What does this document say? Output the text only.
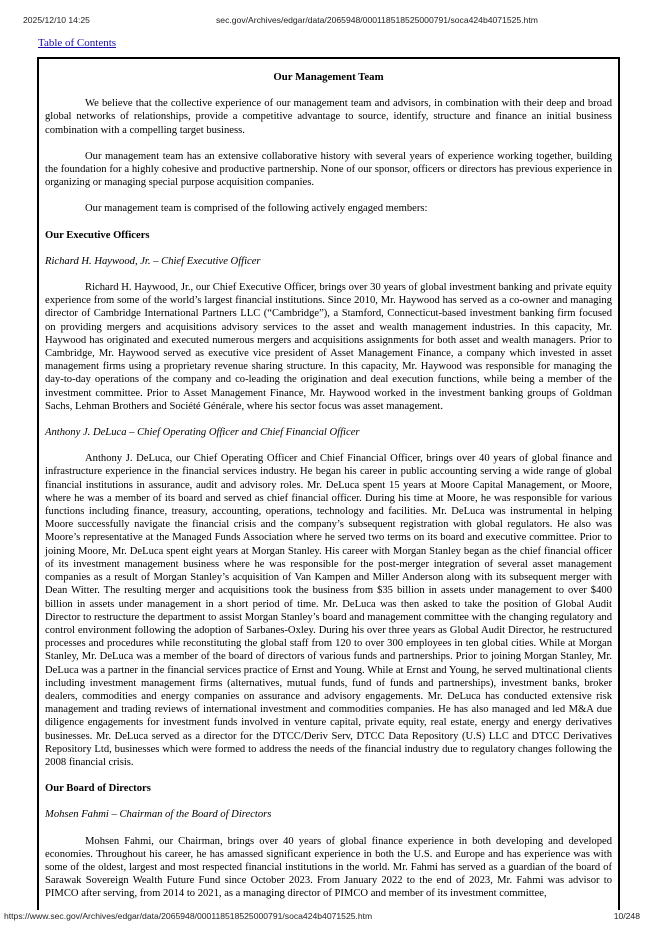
2025/12/10 14:25	sec.gov/Archives/edgar/data/2065948/000118518525000791/soca424b4071525.htm
Table of Contents
Our Management Team

We believe that the collective experience of our management team and advisors, in combination with their deep and broad global networks of relationships, provide a competitive advantage to source, identify, structure and finance an initial business combination with a compelling target business.

Our management team has an extensive collaborative history with several years of experience working together, building the foundation for a highly cohesive and productive partnership. None of our sponsor, officers or directors has previous experience in organizing or managing special purpose acquisition companies.

Our management team is comprised of the following actively engaged members:

Our Executive Officers

Richard H. Haywood, Jr. – Chief Executive Officer

Richard H. Haywood, Jr., our Chief Executive Officer, brings over 30 years of global investment banking and private equity experience from some of the world’s largest financial institutions. Since 2010, Mr. Haywood has served as a co-owner and managing director of Cambridge International Partners LLC (“Cambridge”), a Stamford, Connecticut-based investment banking firm focused on providing mergers and acquisitions advisory services to the asset and wealth management industries. In this capacity, Mr. Haywood has originated and executed numerous mergers and acquisitions assignments for both asset and wealth managers. Prior to Cambridge, Mr. Haywood served as executive vice president of Asset Management Finance, a company which invested in asset management firms using a proprietary revenue sharing structure. In this capacity, Mr. Haywood was responsible for managing the day-to-day operations of the company and co-leading the origination and deal execution functions, while being a member of the investment committee. Prior to Asset Management Finance, Mr. Haywood worked in the investment banking groups of Goldman Sachs, Lehman Brothers and Société Générale, where his sector focus was asset management.

Anthony J. DeLuca – Chief Operating Officer and Chief Financial Officer

Anthony J. DeLuca, our Chief Operating Officer and Chief Financial Officer, brings over 40 years of global finance and infrastructure experience in the financial services industry. He began his career in public accounting serving a wide range of global financial institutions in assurance, audit and advisory roles. Mr. DeLuca spent 15 years at Moore Capital Management, or Moore, where he was a member of its board and served as chief financial officer. During his time at Moore, he was responsible for various functions including finance, treasury, accounting, operations, technology and facilities. Mr. DeLuca was instrumental in helping Moore successfully navigate the financial crisis and the company’s subsequent registration with global regulators. He also was Moore’s representative at the Managed Funds Association where he served two terms on its board and executive committee. Prior to joining Moore, Mr. DeLuca spent eight years at Morgan Stanley. His career with Morgan Stanley began as the chief financial officer of its investment management business where he was responsible for the post-merger integration of several asset management companies as a result of Morgan Stanley’s acquisition of Van Kampen and Miller Anderson along with its subsequent merger with Dean Witter. The resulting merger and acquisitions took the business from $35 billion in assets under management to over $400 billion in assets under management in a short period of time. Mr. DeLuca was then asked to take the position of Global Audit Director to restructure the department to assist Morgan Stanley’s board and management committee with the changing regulatory and control environment following the adoption of Sarbanes-Oxley. During his over three years as Global Audit Director, he restructured processes and procedures while reconstituting the global staff from 120 to over 300 employees in ten global cities. While at Morgan Stanley, Mr. DeLuca was a member of the board of directors of various funds and partnerships. Prior to joining Morgan Stanley, Mr. DeLuca was a partner in the financial services practice of Ernst and Young. While at Ernst and Young, he served multinational clients including investment management firms (alternatives, mutual funds, fund of funds and partnerships), investment banks, broker dealers, commodities and energy companies on assurance and advisory engagements. Mr. DeLuca has conducted extensive risk management and trading reviews of international investment and commodities companies. He has also managed and led M&A due diligence engagements for investment funds involved in venture capital, private equity, real estate, energy and energy derivatives businesses. Mr. DeLuca served as a director for the DTCC/Deriv Serv, DTCC Data Repository (U.S) LLC and DTCC Derivatives Repository Ltd, businesses which were formed to address the needs of the financial industry due to regulatory changes following the 2008 financial crisis.

Our Board of Directors

Mohsen Fahmi – Chairman of the Board of Directors

Mohsen Fahmi, our Chairman, brings over 40 years of global finance experience in both developing and developed economies. Throughout his career, he has amassed significant experience in both the U.S. and Europe and has experience was with some of the oldest, largest and most respected financial institutions in the world. Mr. Fahmi has served as a guardian of the board of Sarawak Sovereign Wealth Future Fund since October 2023. From January 2022 to the end of 2023, Mr. Fahmi was advisor to PIMCO after serving, from 2014 to 2021, as a managing director of PIMCO and member of its investment committee,

https://www.sec.gov/Archives/edgar/data/2065948/000118518525000791/soca424b4071525.htm	10/248
